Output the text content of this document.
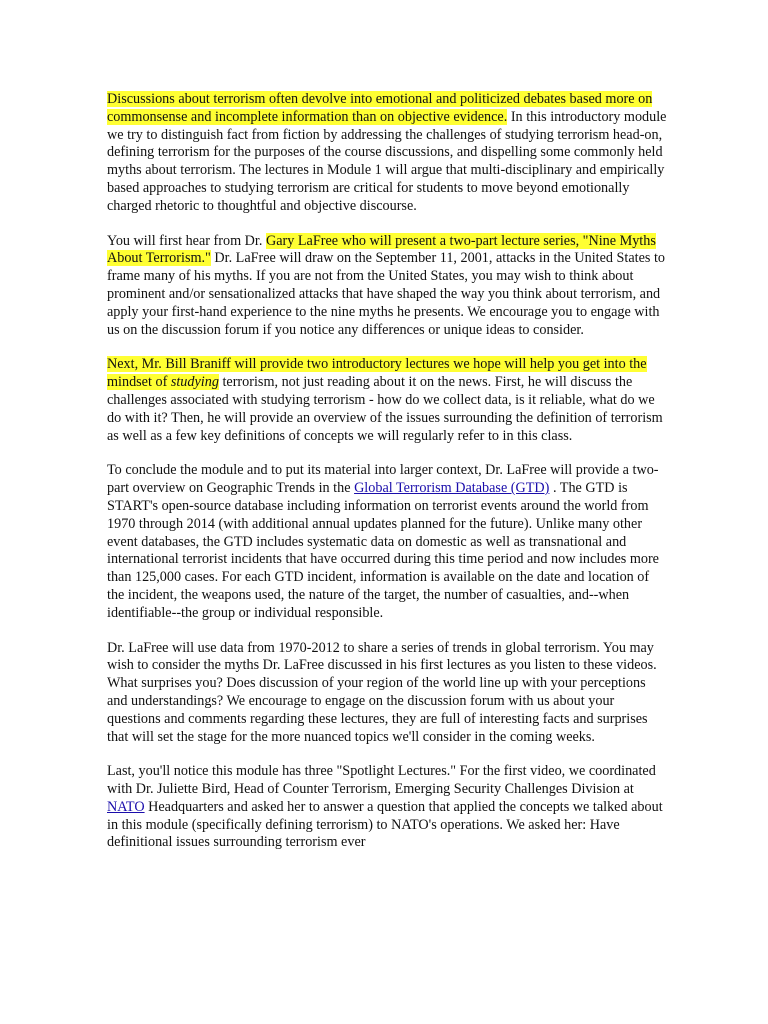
Discussions about terrorism often devolve into emotional and politicized debates based more on commonsense and incomplete information than on objective evidence. In this introductory module we try to distinguish fact from fiction by addressing the challenges of studying terrorism head-on, defining terrorism for the purposes of the course discussions, and dispelling some commonly held myths about terrorism. The lectures in Module 1 will argue that multi-disciplinary and empirically based approaches to studying terrorism are critical for students to move beyond emotionally charged rhetoric to thoughtful and objective discourse.

You will first hear from Dr. Gary LaFree who will present a two-part lecture series, "Nine Myths About Terrorism." Dr. LaFree will draw on the September 11, 2001, attacks in the United States to frame many of his myths. If you are not from the United States, you may wish to think about prominent and/or sensationalized attacks that have shaped the way you think about terrorism, and apply your first-hand experience to the nine myths he presents. We encourage you to engage with us on the discussion forum if you notice any differences or unique ideas to consider.

Next, Mr. Bill Braniff will provide two introductory lectures we hope will help you get into the mindset of studying terrorism, not just reading about it on the news. First, he will discuss the challenges associated with studying terrorism - how do we collect data, is it reliable, what do we do with it? Then, he will provide an overview of the issues surrounding the definition of terrorism as well as a few key definitions of concepts we will regularly refer to in this class.

To conclude the module and to put its material into larger context, Dr. LaFree will provide a two-part overview on Geographic Trends in the Global Terrorism Database (GTD) . The GTD is START's open-source database including information on terrorist events around the world from 1970 through 2014 (with additional annual updates planned for the future). Unlike many other event databases, the GTD includes systematic data on domestic as well as transnational and international terrorist incidents that have occurred during this time period and now includes more than 125,000 cases. For each GTD incident, information is available on the date and location of the incident, the weapons used, the nature of the target, the number of casualties, and--when identifiable--the group or individual responsible.

Dr. LaFree will use data from 1970-2012 to share a series of trends in global terrorism. You may wish to consider the myths Dr. LaFree discussed in his first lectures as you listen to these videos. What surprises you? Does discussion of your region of the world line up with your perceptions and understandings? We encourage to engage on the discussion forum with us about your questions and comments regarding these lectures, they are full of interesting facts and surprises that will set the stage for the more nuanced topics we'll consider in the coming weeks.

Last, you'll notice this module has three "Spotlight Lectures." For the first video, we coordinated with Dr. Juliette Bird, Head of Counter Terrorism, Emerging Security Challenges Division at NATO Headquarters and asked her to answer a question that applied the concepts we talked about in this module (specifically defining terrorism) to NATO's operations. We asked her: Have definitional issues surrounding terrorism ever
